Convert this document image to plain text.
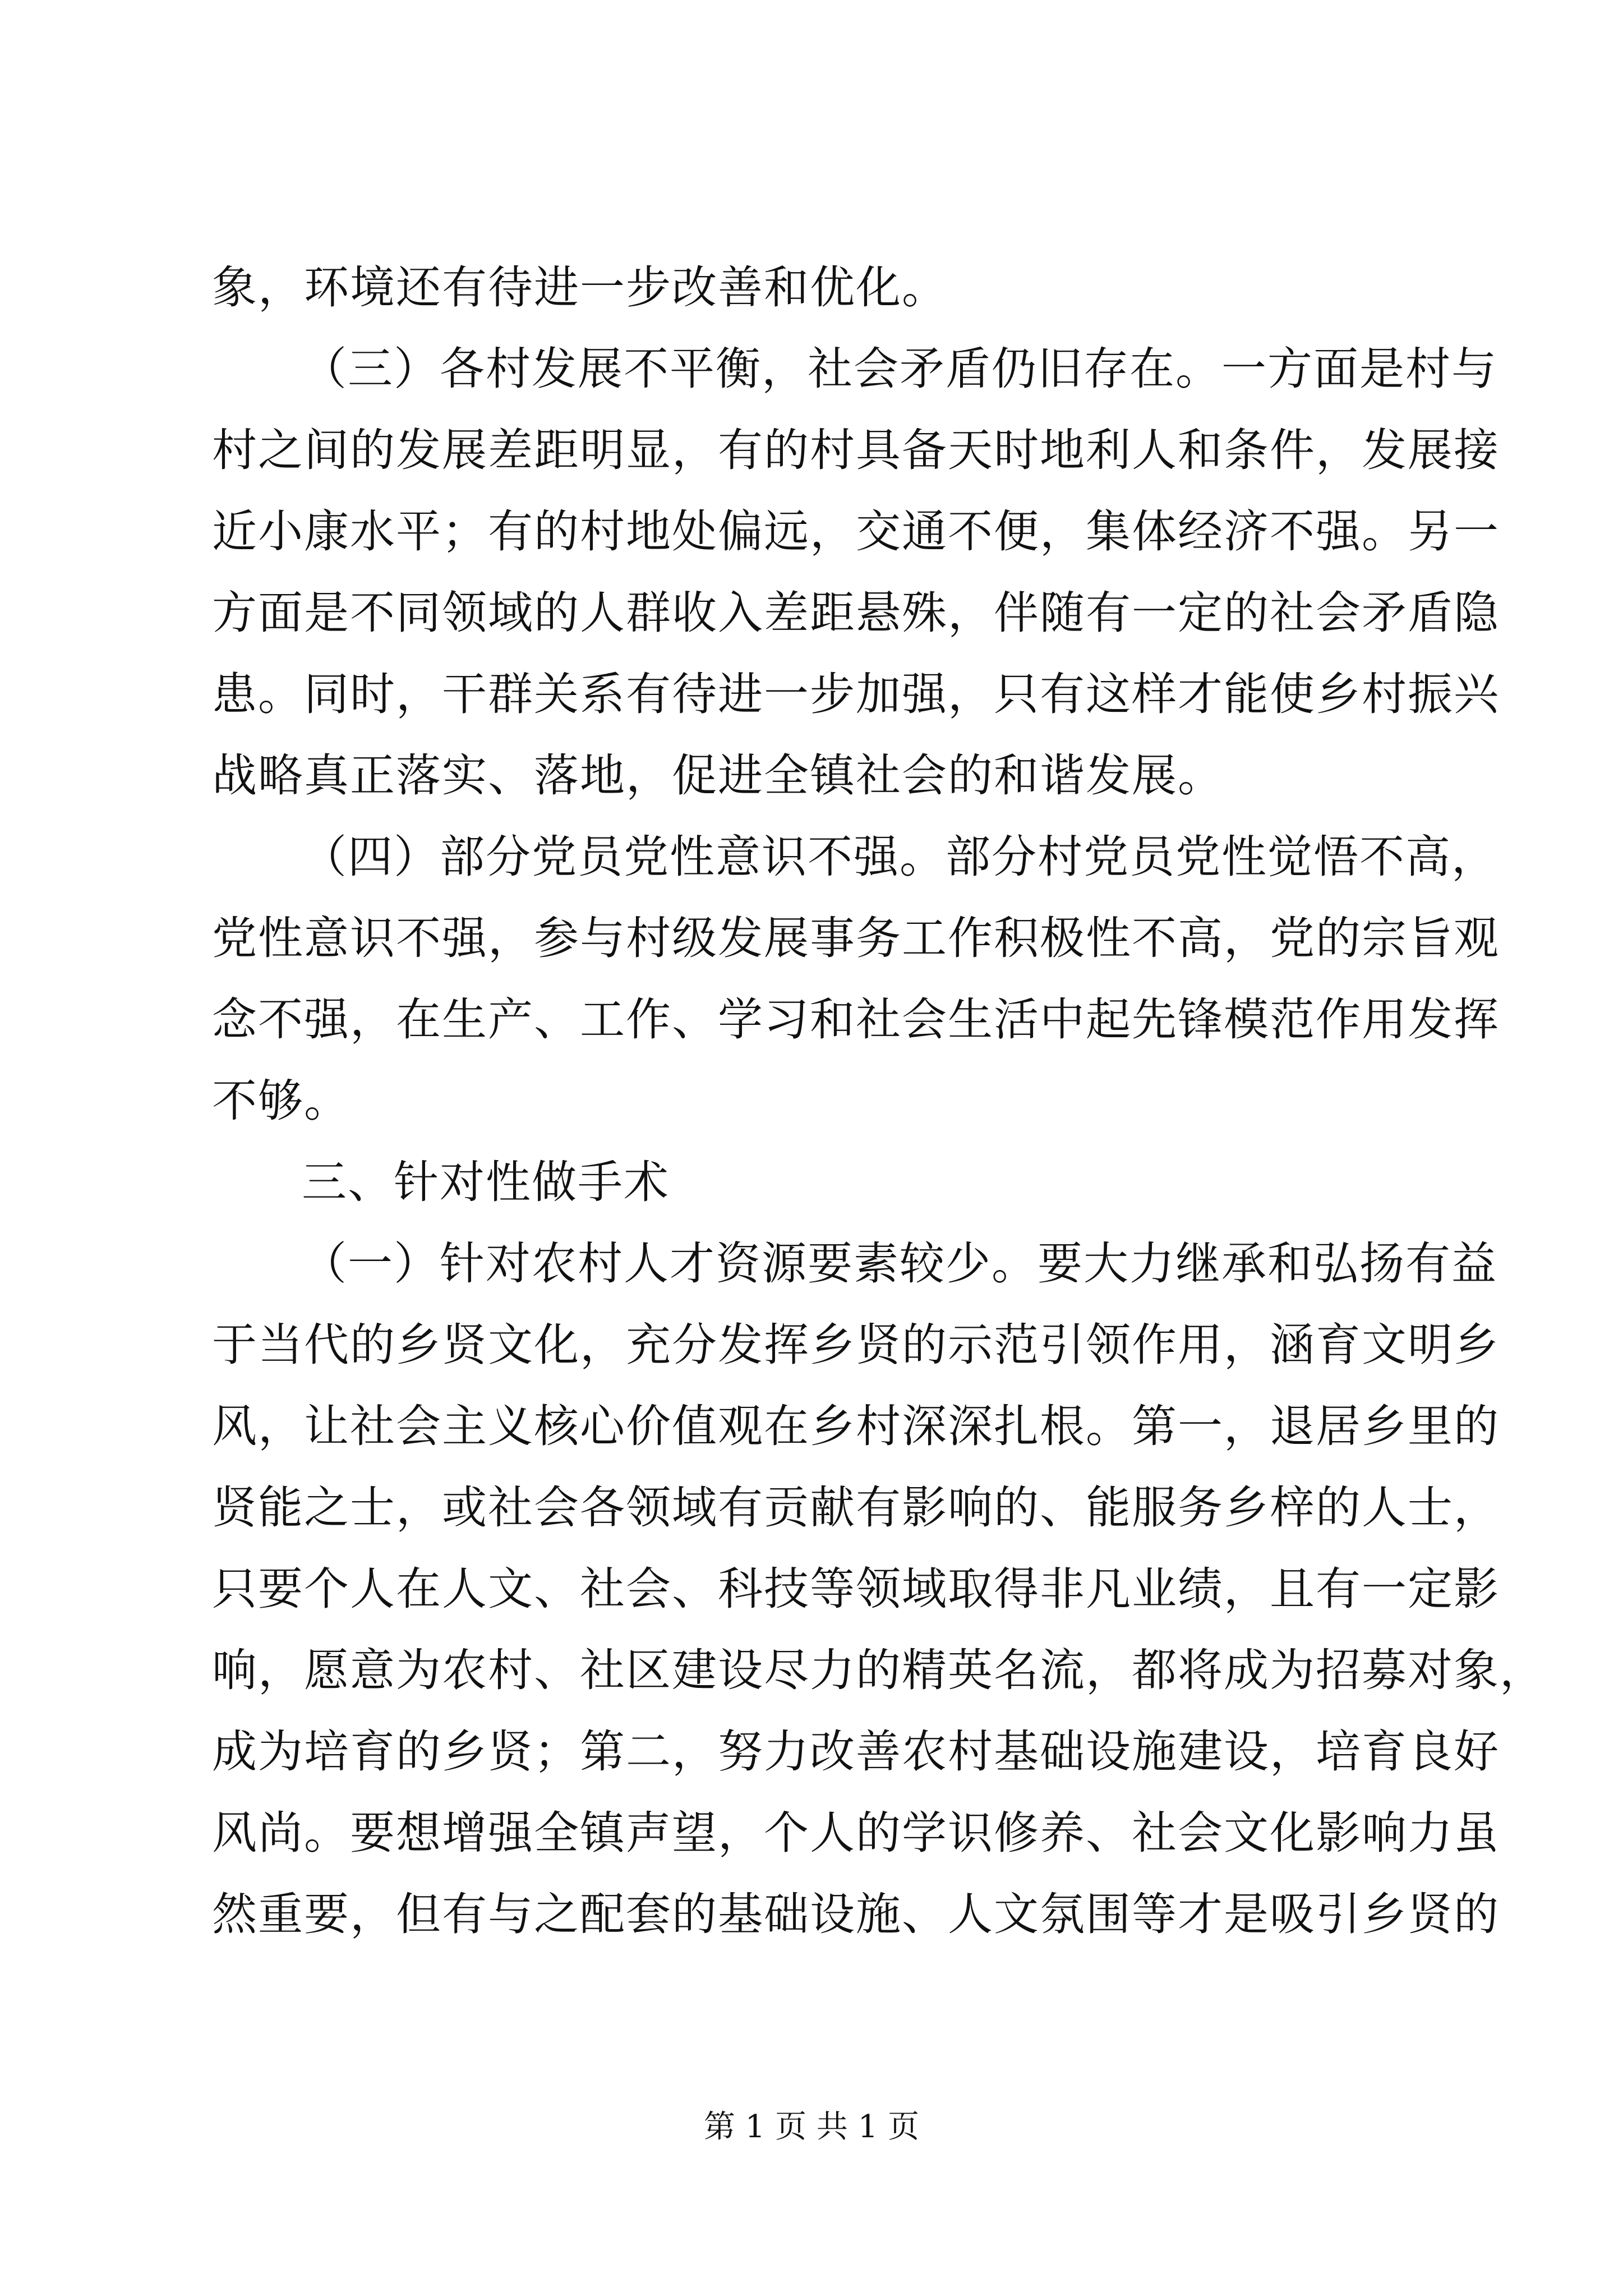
象，环境还有待进一步改善和优化。
（三）各村发展不平衡，社会矛盾仍旧存在。一方面是村与
村之间的发展差距明显，有的村具备天时地利人和条件，发展接
近小康水平；有的村地处偏远，交通不便，集体经济不强。另一
方面是不同领域的人群收入差距悬殊，伴随有一定的社会矛盾隐
患。同时，干群关系有待进一步加强，只有这样才能使乡村振兴
战略真正落实、落地，促进全镇社会的和谐发展。
（四）部分党员党性意识不强。部分村党员党性觉悟不高，
党性意识不强，参与村级发展事务工作积极性不高，党的宗旨观
念不强，在生产、工作、学习和社会生活中起先锋模范作用发挥
不够。
三、针对性做手术
（一）针对农村人才资源要素较少。要大力继承和弘扬有益
于当代的乡贤文化，充分发挥乡贤的示范引领作用，涵育文明乡
风，让社会主义核心价值观在乡村深深扎根。第一，退居乡里的
贤能之士，或社会各领域有贡献有影响的、能服务乡梓的人士，
只要个人在人文、社会、科技等领域取得非凡业绩，且有一定影
响，愿意为农村、社区建设尽力的精英名流，都将成为招募对象，
成为培育的乡贤；第二，努力改善农村基础设施建设，培育良好
风尚。要想增强全镇声望，个人的学识修养、社会文化影响力虽
然重要，但有与之配套的基础设施、人文氛围等才是吸引乡贤的
第 1 页 共 1 页
